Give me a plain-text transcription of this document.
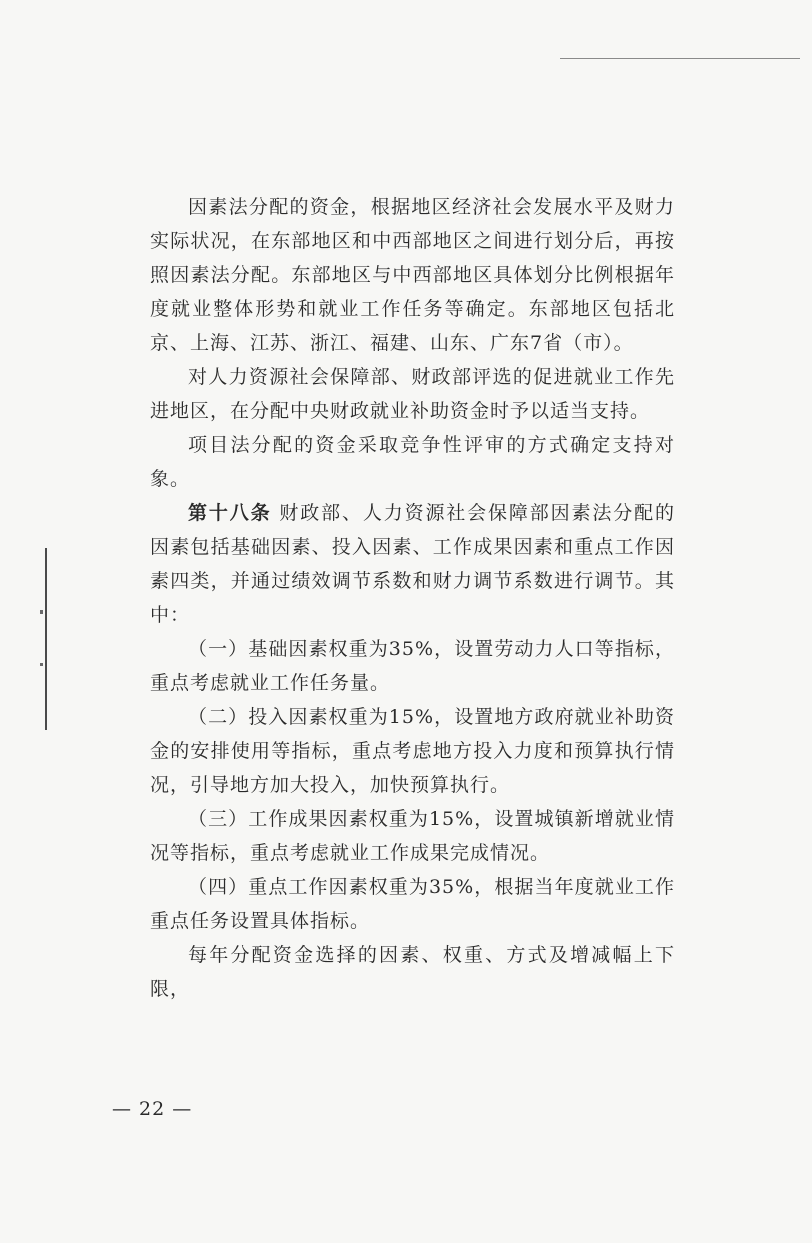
因素法分配的资金，根据地区经济社会发展水平及财力实际状况，在东部地区和中西部地区之间进行划分后，再按照因素法分配。东部地区与中西部地区具体划分比例根据年度就业整体形势和就业工作任务等确定。东部地区包括北京、上海、江苏、浙江、福建、山东、广东7省（市）。

对人力资源社会保障部、财政部评选的促进就业工作先进地区，在分配中央财政就业补助资金时予以适当支持。

项目法分配的资金采取竞争性评审的方式确定支持对象。

第十八条 财政部、人力资源社会保障部因素法分配的因素包括基础因素、投入因素、工作成果因素和重点工作因素四类，并通过绩效调节系数和财力调节系数进行调节。其中：

（一）基础因素权重为35%，设置劳动力人口等指标，重点考虑就业工作任务量。

（二）投入因素权重为15%，设置地方政府就业补助资金的安排使用等指标，重点考虑地方投入力度和预算执行情况，引导地方加大投入，加快预算执行。

（三）工作成果因素权重为15%，设置城镇新增就业情况等指标，重点考虑就业工作成果完成情况。

（四）重点工作因素权重为35%，根据当年度就业工作重点任务设置具体指标。

每年分配资金选择的因素、权重、方式及增减幅上下限，

— 22 —
